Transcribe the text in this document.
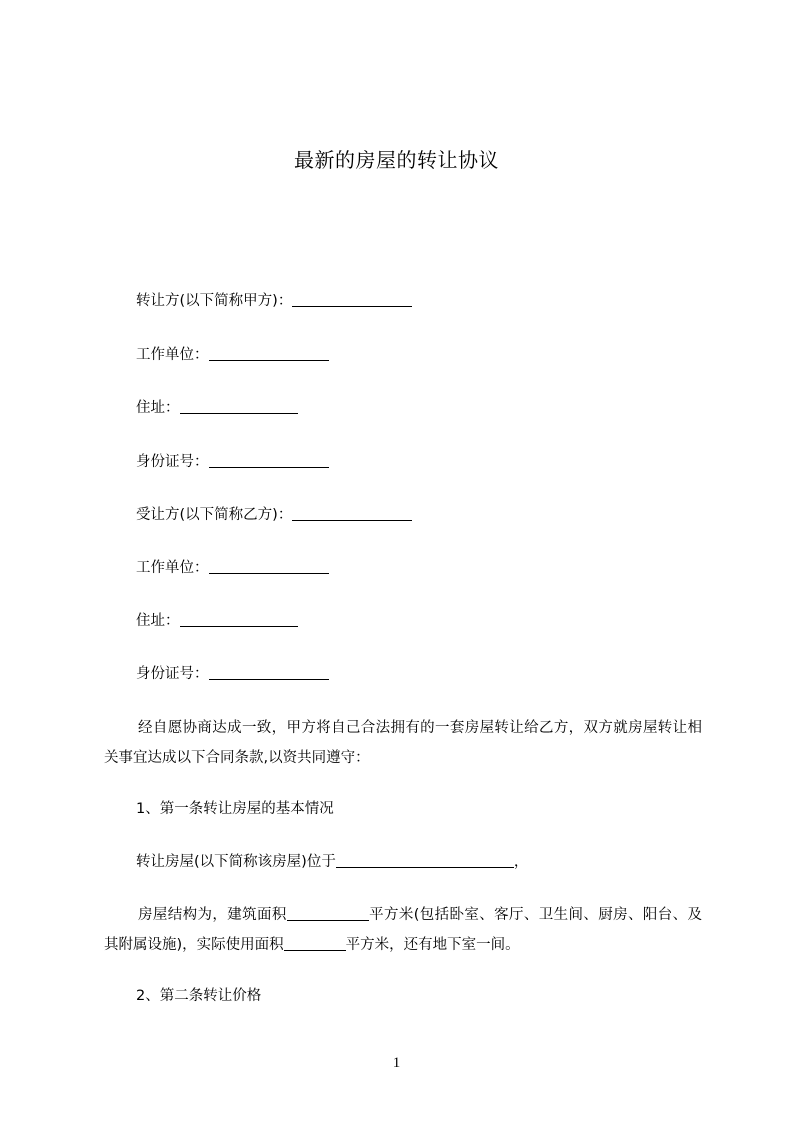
最新的房屋的转让协议
转让方(以下简称甲方)：
工作单位：
住址：
身份证号：
受让方(以下简称乙方)：
工作单位：
住址：
身份证号：
经自愿协商达成一致，甲方将自己合法拥有的一套房屋转让给乙方，双方就房屋转让相关事宜达成以下合同条款,以资共同遵守：
1、第一条转让房屋的基本情况
转让房屋(以下简称该房屋)位于	，
房屋结构为，建筑面积	平方米(包括卧室、客厅、卫生间、厨房、阳台、及其附属设施)，实际使用面积	平方米，还有地下室一间。
2、第二条转让价格
1
